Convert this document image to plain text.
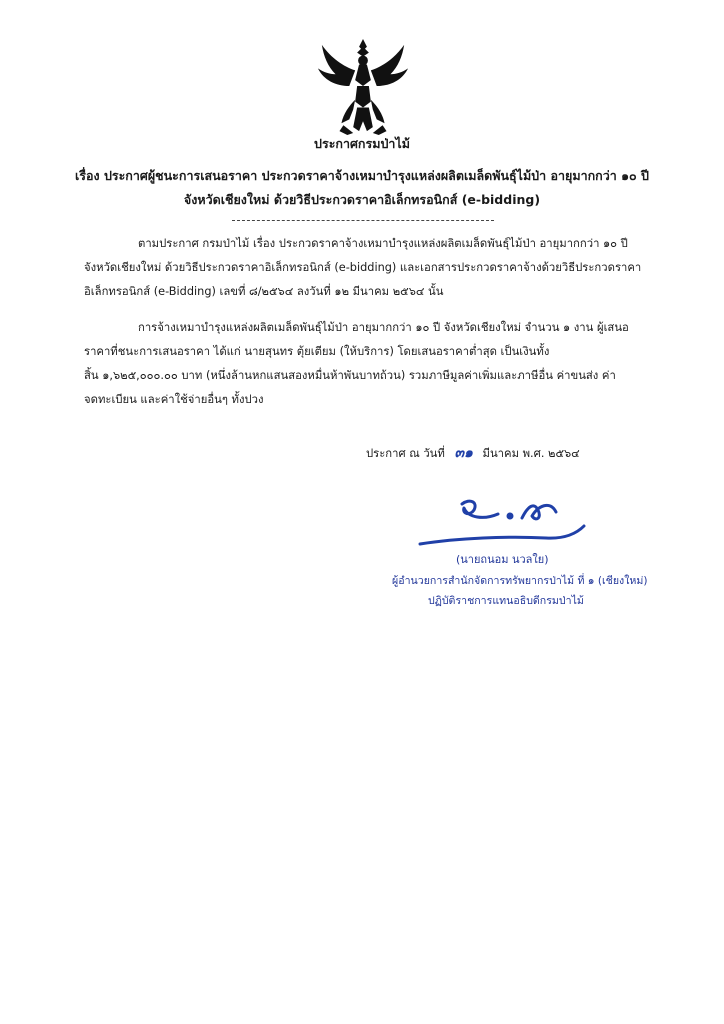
ประกาศกรมป่าไม้
เรื่อง ประกาศผู้ชนะการเสนอราคา ประกวดราคาจ้างเหมาบำรุงแหล่งผลิตเมล็ดพันธุ์ไม้ป่า อายุมากกว่า ๑๐ ปี
จังหวัดเชียงใหม่ ด้วยวิธีประกวดราคาอิเล็กทรอนิกส์ (e-bidding)
ตามประกาศ กรมป่าไม้ เรื่อง ประกวดราคาจ้างเหมาบำรุงแหล่งผลิตเมล็ดพันธุ์ไม้ป่า อายุมากกว่า ๑๐ ปี
จังหวัดเชียงใหม่ ด้วยวิธีประกวดราคาอิเล็กทรอนิกส์ (e-bidding) และเอกสารประกวดราคาจ้างด้วยวิธีประกวดราคา
อิเล็กทรอนิกส์ (e-Bidding) เลขที่ ๘/๒๕๖๔ ลงวันที่ ๑๒ มีนาคม ๒๕๖๔ นั้น
การจ้างเหมาบำรุงแหล่งผลิตเมล็ดพันธุ์ไม้ป่า อายุมากกว่า ๑๐ ปี จังหวัดเชียงใหม่ จำนวน ๑ งาน ผู้เสนอ
ราคาที่ชนะการเสนอราคา ได้แก่ นายสุนทร ตุ้ยเตียม (ให้บริการ) โดยเสนอราคาต่ำสุด เป็นเงินทั้ง
สิ้น ๑,๖๒๕,๐๐๐.๐๐ บาท (หนึ่งล้านหกแสนสองหมื่นห้าพันบาทถ้วน) รวมภาษีมูลค่าเพิ่มและภาษีอื่น ค่าขนส่ง ค่า
จดทะเบียน และค่าใช้จ่ายอื่นๆ ทั้งปวง
ประกาศ ณ วันที่ ๓๑ มีนาคม พ.ศ. ๒๕๖๔
(นายถนอม นวลใย)
ผู้อำนวยการสำนักจัดการทรัพยากรป่าไม้ ที่ ๑ (เชียงใหม่)
ปฏิบัติราชการแทนอธิบดีกรมป่าไม้
